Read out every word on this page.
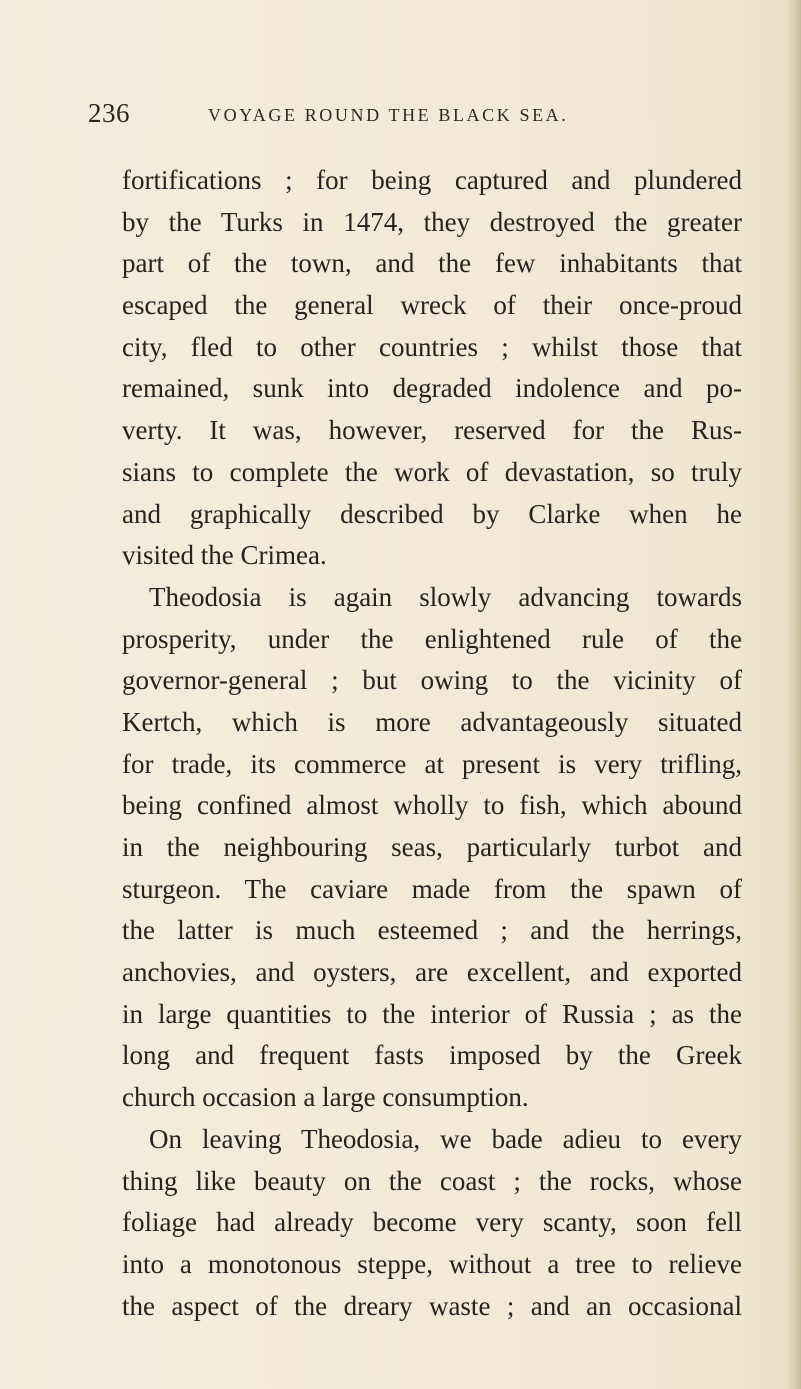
236	VOYAGE ROUND THE BLACK SEA.
fortifications ; for being captured and plundered
by the Turks in 1474, they destroyed the greater
part of the town, and the few inhabitants that
escaped the general wreck of their once-proud
city, fled to other countries ; whilst those that
remained, sunk into degraded indolence and po-
verty. It was, however, reserved for the Rus-
sians to complete the work of devastation, so truly
and graphically described by Clarke when he
visited the Crimea.
Theodosia is again slowly advancing towards
prosperity, under the enlightened rule of the
governor-general ; but owing to the vicinity of
Kertch, which is more advantageously situated
for trade, its commerce at present is very trifling,
being confined almost wholly to fish, which abound
in the neighbouring seas, particularly turbot and
sturgeon. The caviare made from the spawn of
the latter is much esteemed ; and the herrings,
anchovies, and oysters, are excellent, and exported
in large quantities to the interior of Russia ; as the
long and frequent fasts imposed by the Greek
church occasion a large consumption.
On leaving Theodosia, we bade adieu to every
thing like beauty on the coast ; the rocks, whose
foliage had already become very scanty, soon fell
into a monotonous steppe, without a tree to relieve
the aspect of the dreary waste ; and an occasional
